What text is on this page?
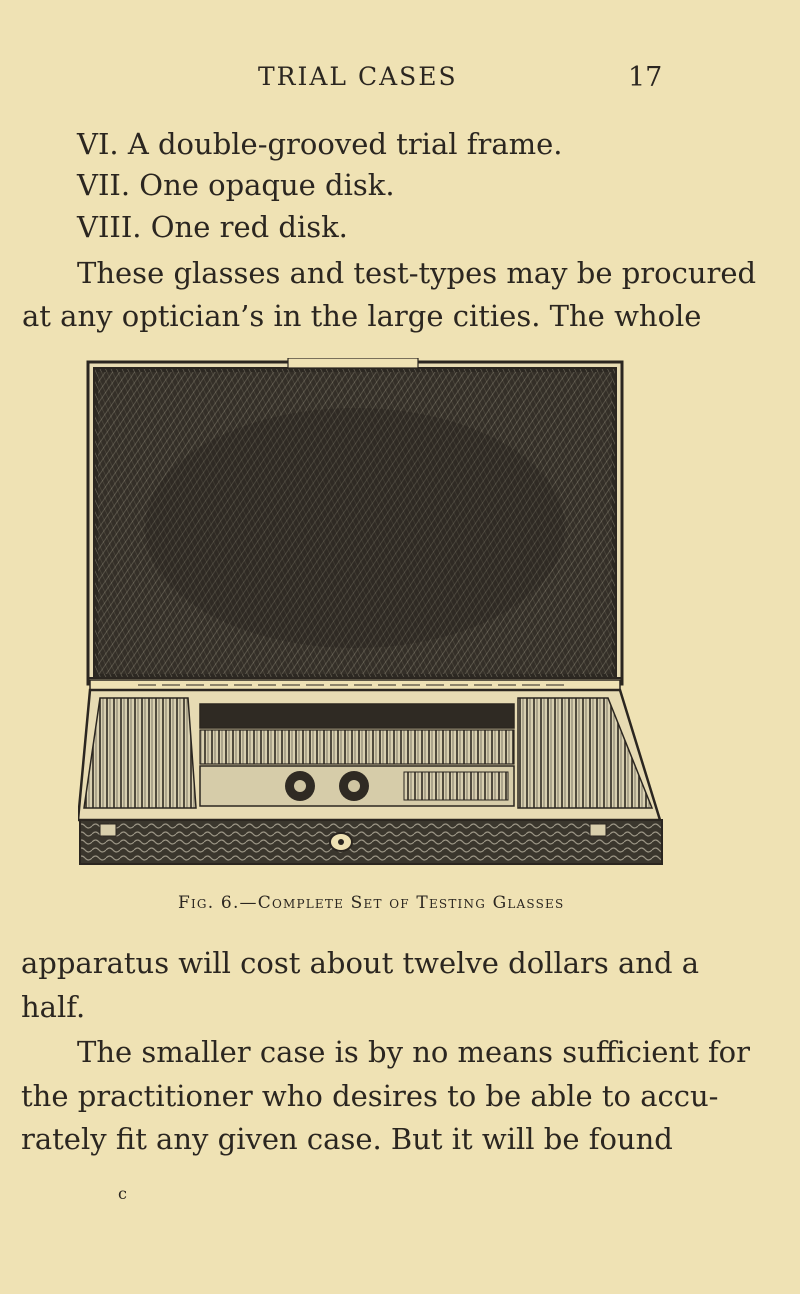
TRIAL CASES	17
VI. A double-grooved trial frame.
VII. One opaque disk.
VIII. One red disk.
These glasses and test-types may be procured
at any optician’s in the large cities. The whole
Fig. 6.—Complete Set of Testing Glasses
apparatus will cost about twelve dollars and a
half.
The smaller case is by no means sufficient for
the practitioner who desires to be able to accu-
rately fit any given case. But it will be found
c
